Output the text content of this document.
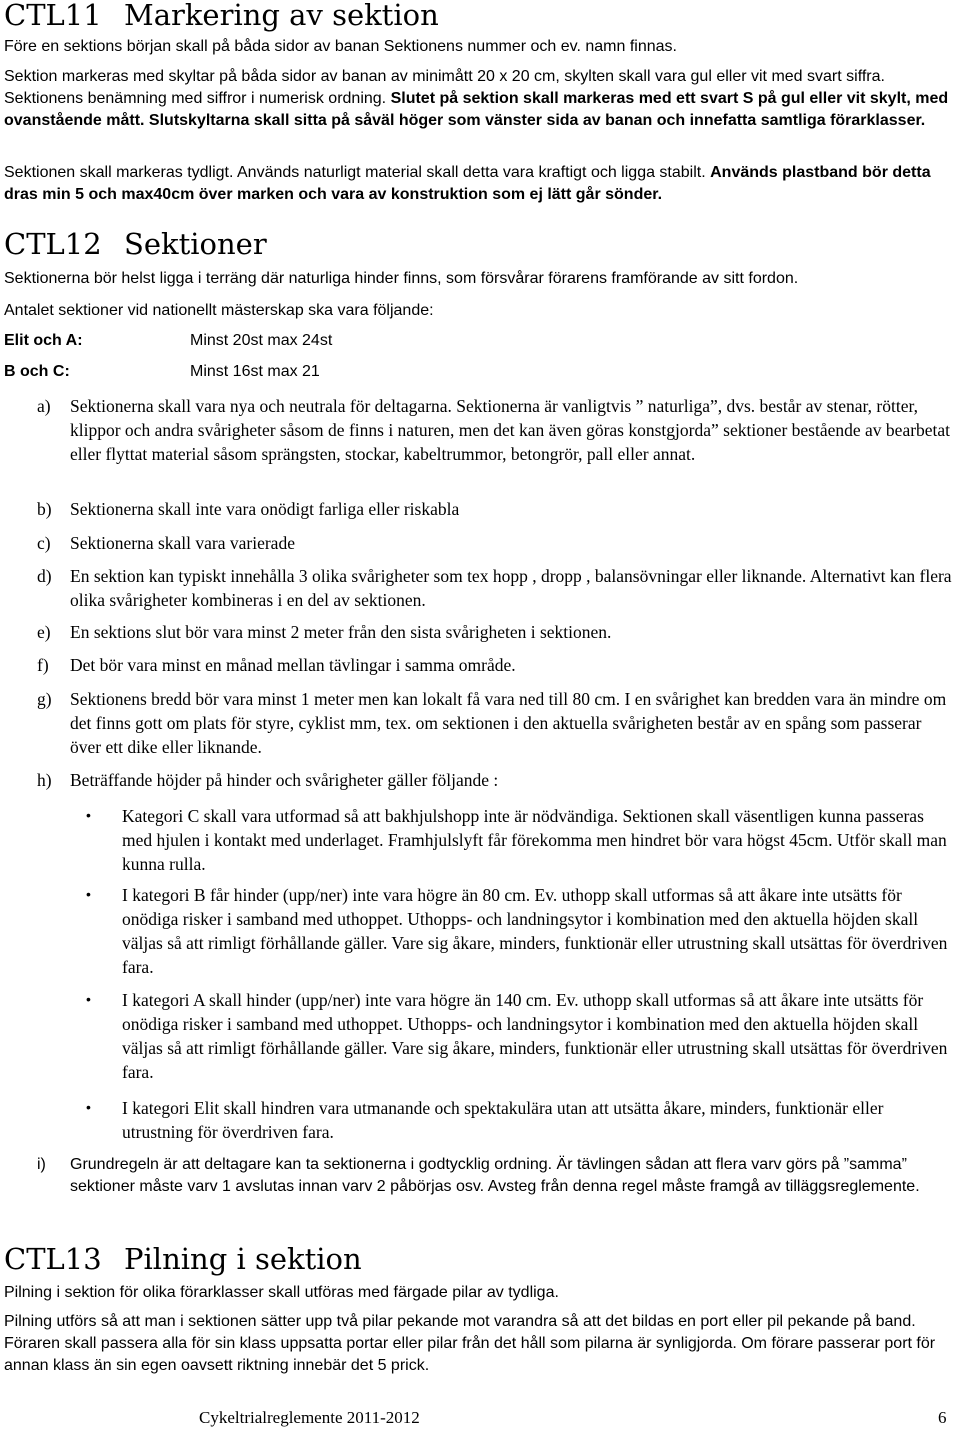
CTL11 Markering av sektion
Före en sektions början skall på båda sidor av banan Sektionens nummer och ev. namn finnas.
Sektion markeras med skyltar på båda sidor av banan av minimått 20 x 20 cm, skylten skall vara gul eller vit med svart siffra. Sektionens benämning med siffror i numerisk ordning. Slutet på sektion skall markeras med ett svart S på gul eller vit skylt, med ovanstående mått. Slutskyltarna skall sitta på såväl höger som vänster sida av banan och innefatta samtliga förarklasser.
Sektionen skall markeras tydligt. Används naturligt material skall detta vara kraftigt och ligga stabilt. Används plastband bör detta dras min 5 och max40cm över marken och vara av konstruktion som ej lätt går sönder.
CTL12 Sektioner
Sektionerna bör helst ligga i terräng där naturliga hinder finns, som försvårar förarens framförande av sitt fordon.
Antalet sektioner vid nationellt mästerskap ska vara följande:
Elit och A:	Minst 20st max 24st
B och C:	Minst 16st max 21
a) Sektionerna skall vara nya och neutrala för deltagarna. Sektionerna är vanligtvis ” naturliga”, dvs. består av stenar, rötter, klippor och andra svårigheter såsom de finns i naturen, men det kan även göras konstgjorda” sektioner bestående av bearbetat eller flyttat material såsom sprängsten, stockar, kabeltrummor, betongrör, pall eller annat.
b) Sektionerna skall inte vara onödigt farliga eller riskabla
c) Sektionerna skall vara varierade
d) En sektion kan typiskt innehålla 3 olika svårigheter som tex hopp , dropp , balansövningar eller liknande. Alternativt kan flera olika svårigheter kombineras i en del av sektionen.
e) En sektions slut bör vara minst 2 meter från den sista svårigheten i sektionen.
f) Det bör vara minst en månad mellan tävlingar i samma område.
g) Sektionens bredd bör vara minst 1 meter men kan lokalt få vara ned till 80 cm. I en svårighet kan bredden vara än mindre om det finns gott om plats för styre, cyklist mm, tex. om sektionen i den aktuella svårigheten består av en spång som passerar över ett dike eller liknande.
h) Beträffande höjder på hinder och svårigheter gäller följande :
• Kategori C skall vara utformad så att bakhjulshopp inte är nödvändiga. Sektionen skall väsentligen kunna passeras med hjulen i kontakt med underlaget. Framhjulslyft får förekomma men hindret bör vara högst 45cm. Utför skall man kunna rulla.
• I kategori B får hinder (upp/ner) inte vara högre än 80 cm. Ev. uthopp skall utformas så att åkare inte utsätts för onödiga risker i samband med uthoppet. Uthopps- och landningsytor i kombination med den aktuella höjden skall väljas så att rimligt förhållande gäller. Vare sig åkare, minders, funktionär eller utrustning skall utsättas för överdriven fara.
• I kategori A skall hinder (upp/ner) inte vara högre än 140 cm. Ev. uthopp skall utformas så att åkare inte utsätts för onödiga risker i samband med uthoppet. Uthopps- och landningsytor i kombination med den aktuella höjden skall väljas så att rimligt förhållande gäller. Vare sig åkare, minders, funktionär eller utrustning skall utsättas för överdriven fara.
• I kategori Elit skall hindren vara utmanande och spektakulära utan att utsätta åkare, minders, funktionär eller utrustning för överdriven fara.
i) Grundregeln är att deltagare kan ta sektionerna i godtycklig ordning. Är tävlingen sådan att flera varv görs på ”samma” sektioner måste varv 1 avslutas innan varv 2 påbörjas osv. Avsteg från denna regel måste framgå av tilläggsreglemente.
CTL13 Pilning i sektion
Pilning i sektion för olika förarklasser skall utföras med färgade pilar av tydliga.
Pilning utförs så att man i sektionen sätter upp två pilar pekande mot varandra så att det bildas en port eller pil pekande på band. Föraren skall passera alla för sin klass uppsatta portar eller pilar från det håll som pilarna är synligjorda. Om förare passerar port för annan klass än sin egen oavsett riktning innebär det 5 prick.
Cykeltrialreglemente 2011-2012	6
